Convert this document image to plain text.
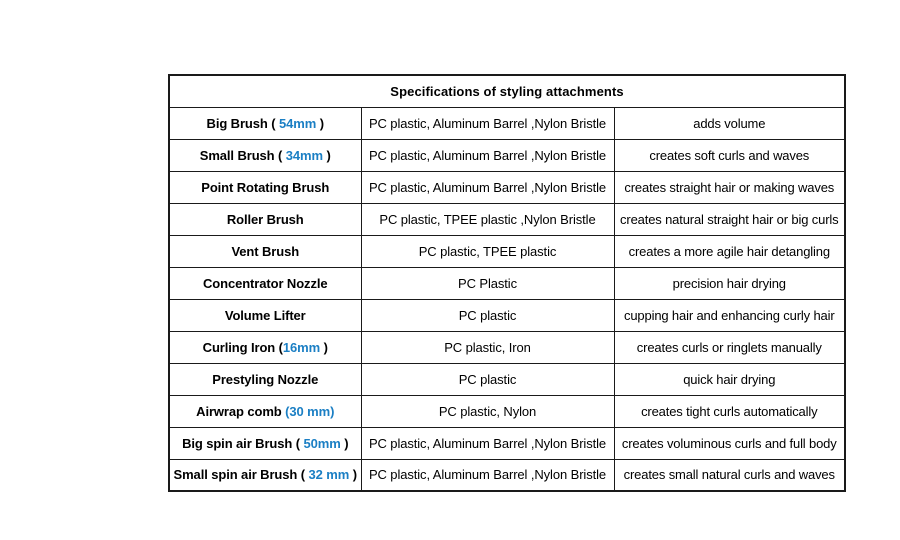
Specifications of styling attachments		
Big Brush ( 54mm )	PC plastic, Aluminum Barrel ,Nylon Bristle	adds volume
Small Brush ( 34mm )	PC plastic, Aluminum Barrel ,Nylon Bristle	creates soft curls and waves
Point Rotating Brush	PC plastic, Aluminum Barrel ,Nylon Bristle	creates straight hair or making waves
Roller Brush	PC plastic, TPEE plastic ,Nylon Bristle	creates natural straight hair or big curls
Vent Brush	PC plastic, TPEE plastic	creates a more agile hair detangling
Concentrator Nozzle	PC Plastic	precision hair drying
Volume Lifter	PC plastic	cupping hair and enhancing curly hair
Curling Iron (16mm )	PC plastic, Iron	creates curls or ringlets manually
Prestyling Nozzle	PC plastic	quick hair drying
Airwrap comb (30 mm)	PC plastic, Nylon	creates tight curls automatically
Big spin air Brush ( 50mm )	PC plastic, Aluminum Barrel ,Nylon Bristle	creates voluminous curls and full body
Small spin air Brush ( 32 mm )	PC plastic, Aluminum Barrel ,Nylon Bristle	creates small natural curls and waves
